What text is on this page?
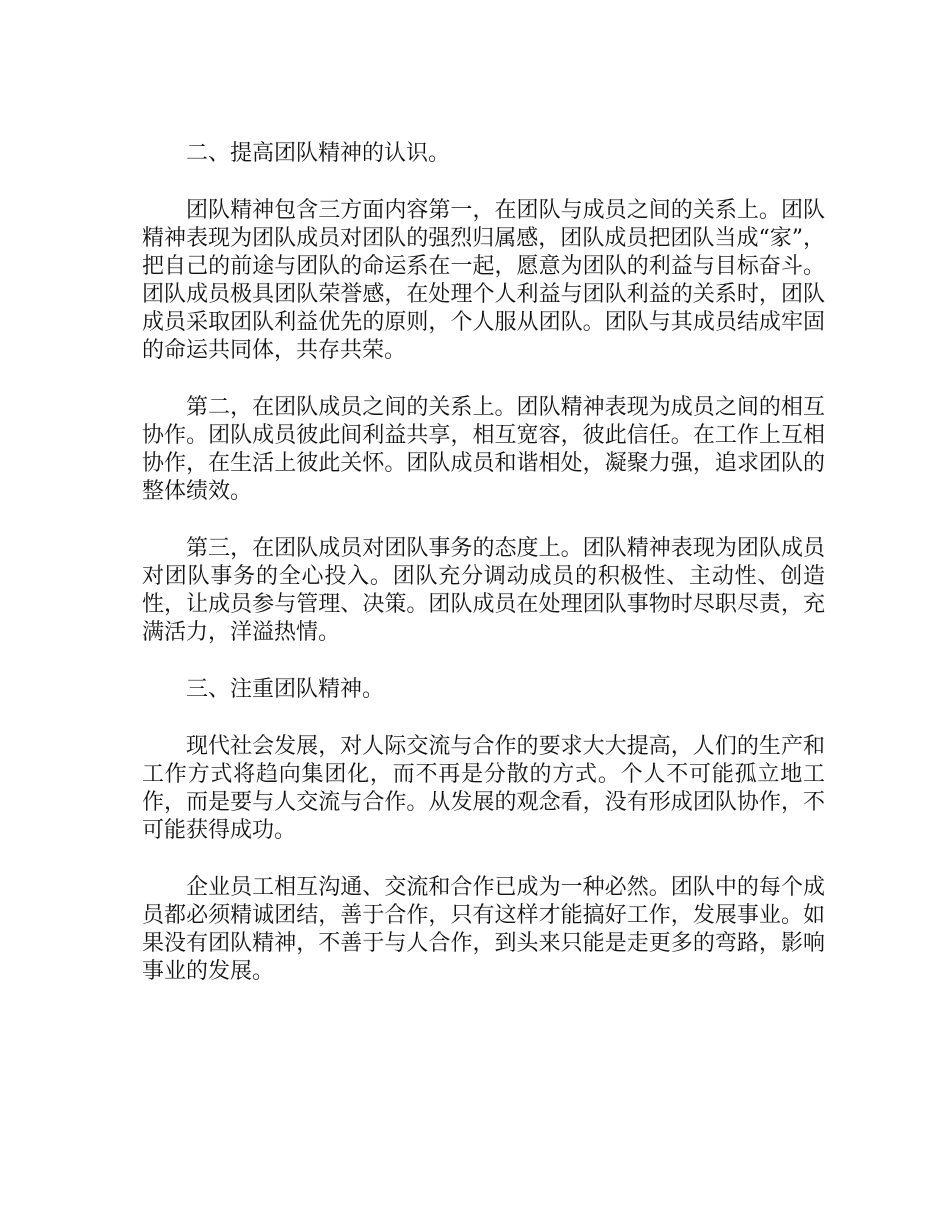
二、提高团队精神的认识。

团队精神包含三方面内容第一，在团队与成员之间的关系上。团队精神表现为团队成员对团队的强烈归属感，团队成员把团队当成“家”，把自己的前途与团队的命运系在一起，愿意为团队的利益与目标奋斗。团队成员极具团队荣誉感，在处理个人利益与团队利益的关系时，团队成员采取团队利益优先的原则，个人服从团队。团队与其成员结成牢固的命运共同体，共存共荣。

第二，在团队成员之间的关系上。团队精神表现为成员之间的相互协作。团队成员彼此间利益共享，相互宽容，彼此信任。在工作上互相协作，在生活上彼此关怀。团队成员和谐相处，凝聚力强，追求团队的整体绩效。

第三，在团队成员对团队事务的态度上。团队精神表现为团队成员对团队事务的全心投入。团队充分调动成员的积极性、主动性、创造性，让成员参与管理、决策。团队成员在处理团队事物时尽职尽责，充满活力，洋溢热情。

三、注重团队精神。

现代社会发展，对人际交流与合作的要求大大提高，人们的生产和工作方式将趋向集团化，而不再是分散的方式。个人不可能孤立地工作，而是要与人交流与合作。从发展的观念看，没有形成团队协作，不可能获得成功。

企业员工相互沟通、交流和合作已成为一种必然。团队中的每个成员都必须精诚团结，善于合作，只有这样才能搞好工作，发展事业。如果没有团队精神，不善于与人合作，到头来只能是走更多的弯路，影响事业的发展。
